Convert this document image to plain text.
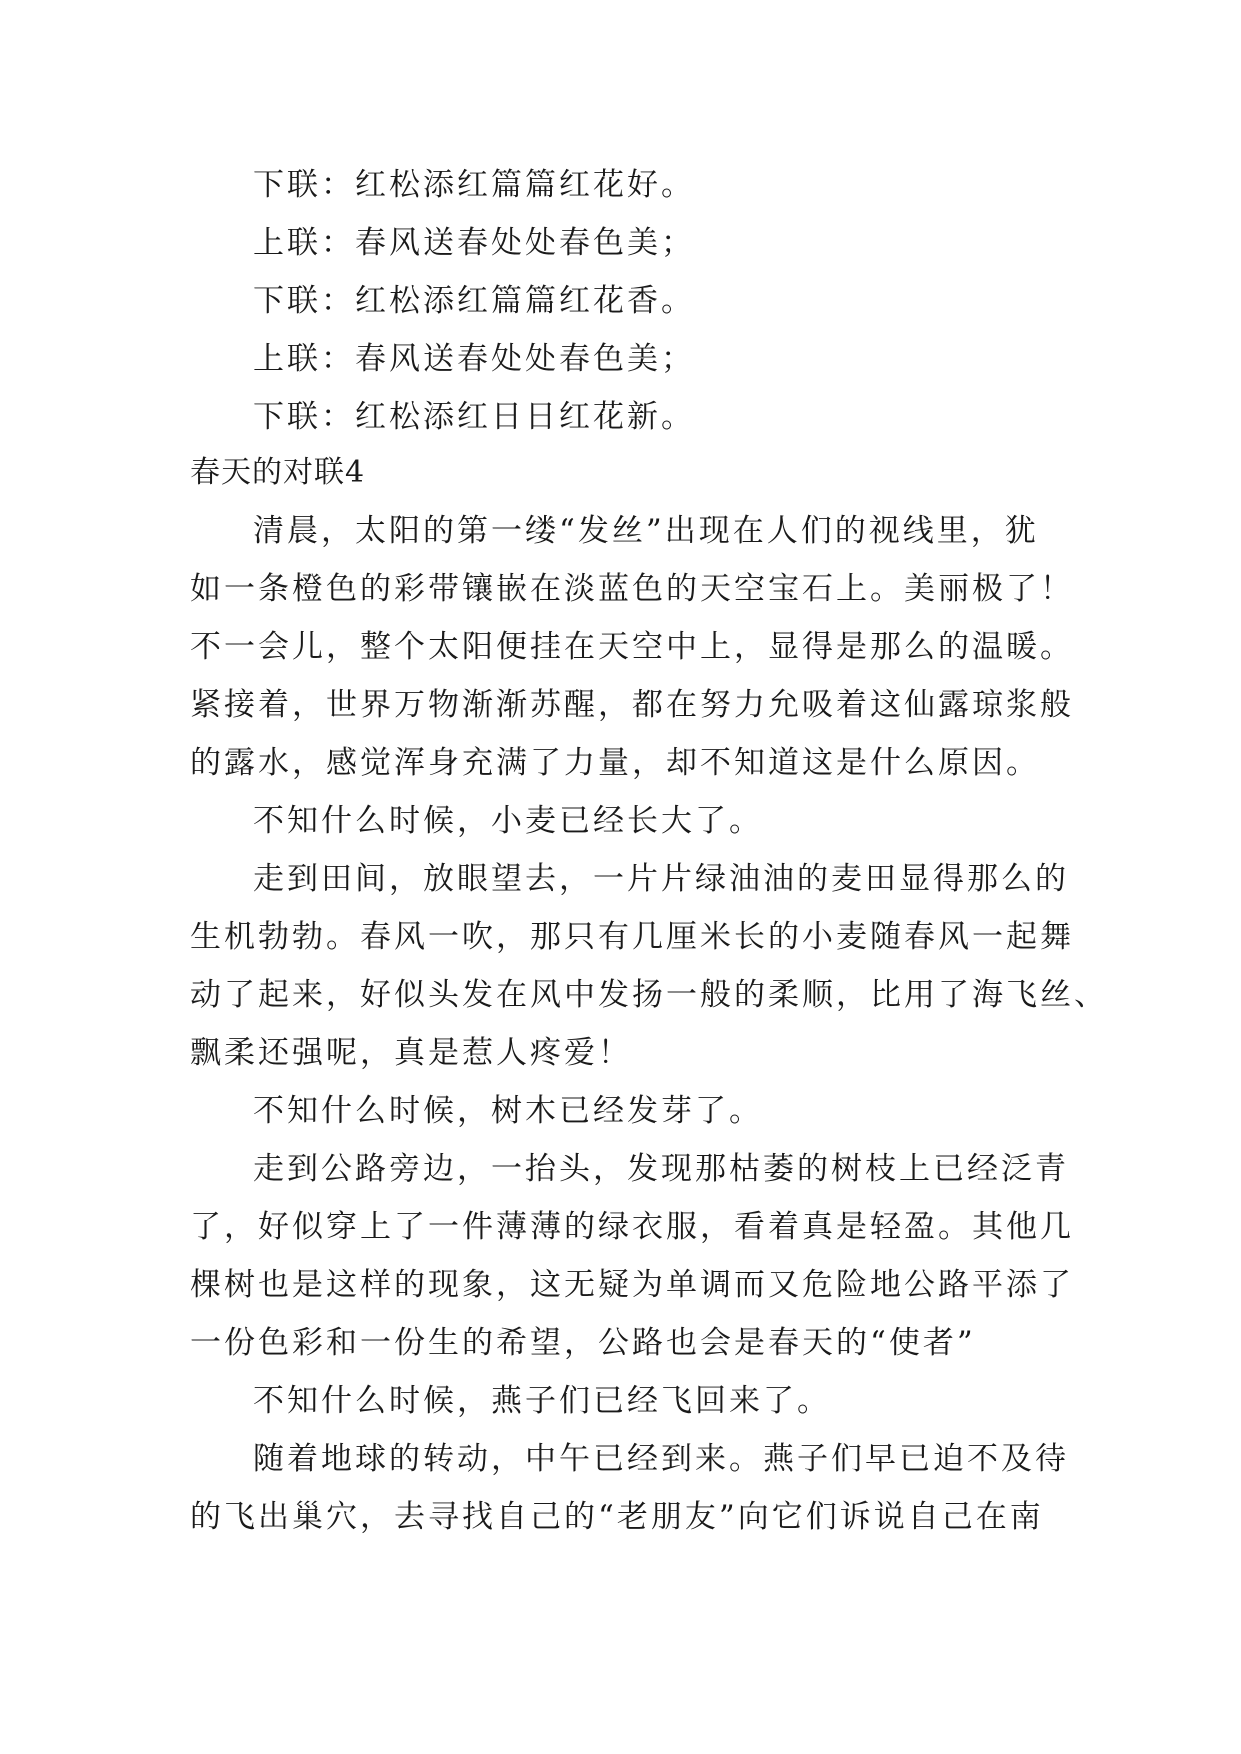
下联：红松添红篇篇红花好。
上联：春风送春处处春色美；
下联：红松添红篇篇红花香。
上联：春风送春处处春色美；
下联：红松添红日日红花新。
春天的对联4
清晨，太阳的第一缕“发丝”出现在人们的视线里，犹
如一条橙色的彩带镶嵌在淡蓝色的天空宝石上。美丽极了！
不一会儿，整个太阳便挂在天空中上，显得是那么的温暖。
紧接着，世界万物渐渐苏醒，都在努力允吸着这仙露琼浆般
的露水，感觉浑身充满了力量，却不知道这是什么原因。
不知什么时候，小麦已经长大了。
走到田间，放眼望去，一片片绿油油的麦田显得那么的
生机勃勃。春风一吹，那只有几厘米长的小麦随春风一起舞
动了起来，好似头发在风中发扬一般的柔顺，比用了海飞丝、
飘柔还强呢，真是惹人疼爱！
不知什么时候，树木已经发芽了。
走到公路旁边，一抬头，发现那枯萎的树枝上已经泛青
了，好似穿上了一件薄薄的绿衣服，看着真是轻盈。其他几
棵树也是这样的现象，这无疑为单调而又危险地公路平添了
一份色彩和一份生的希望，公路也会是春天的“使者”
不知什么时候，燕子们已经飞回来了。
随着地球的转动，中午已经到来。燕子们早已迫不及待
的飞出巢穴，去寻找自己的“老朋友”向它们诉说自己在南
